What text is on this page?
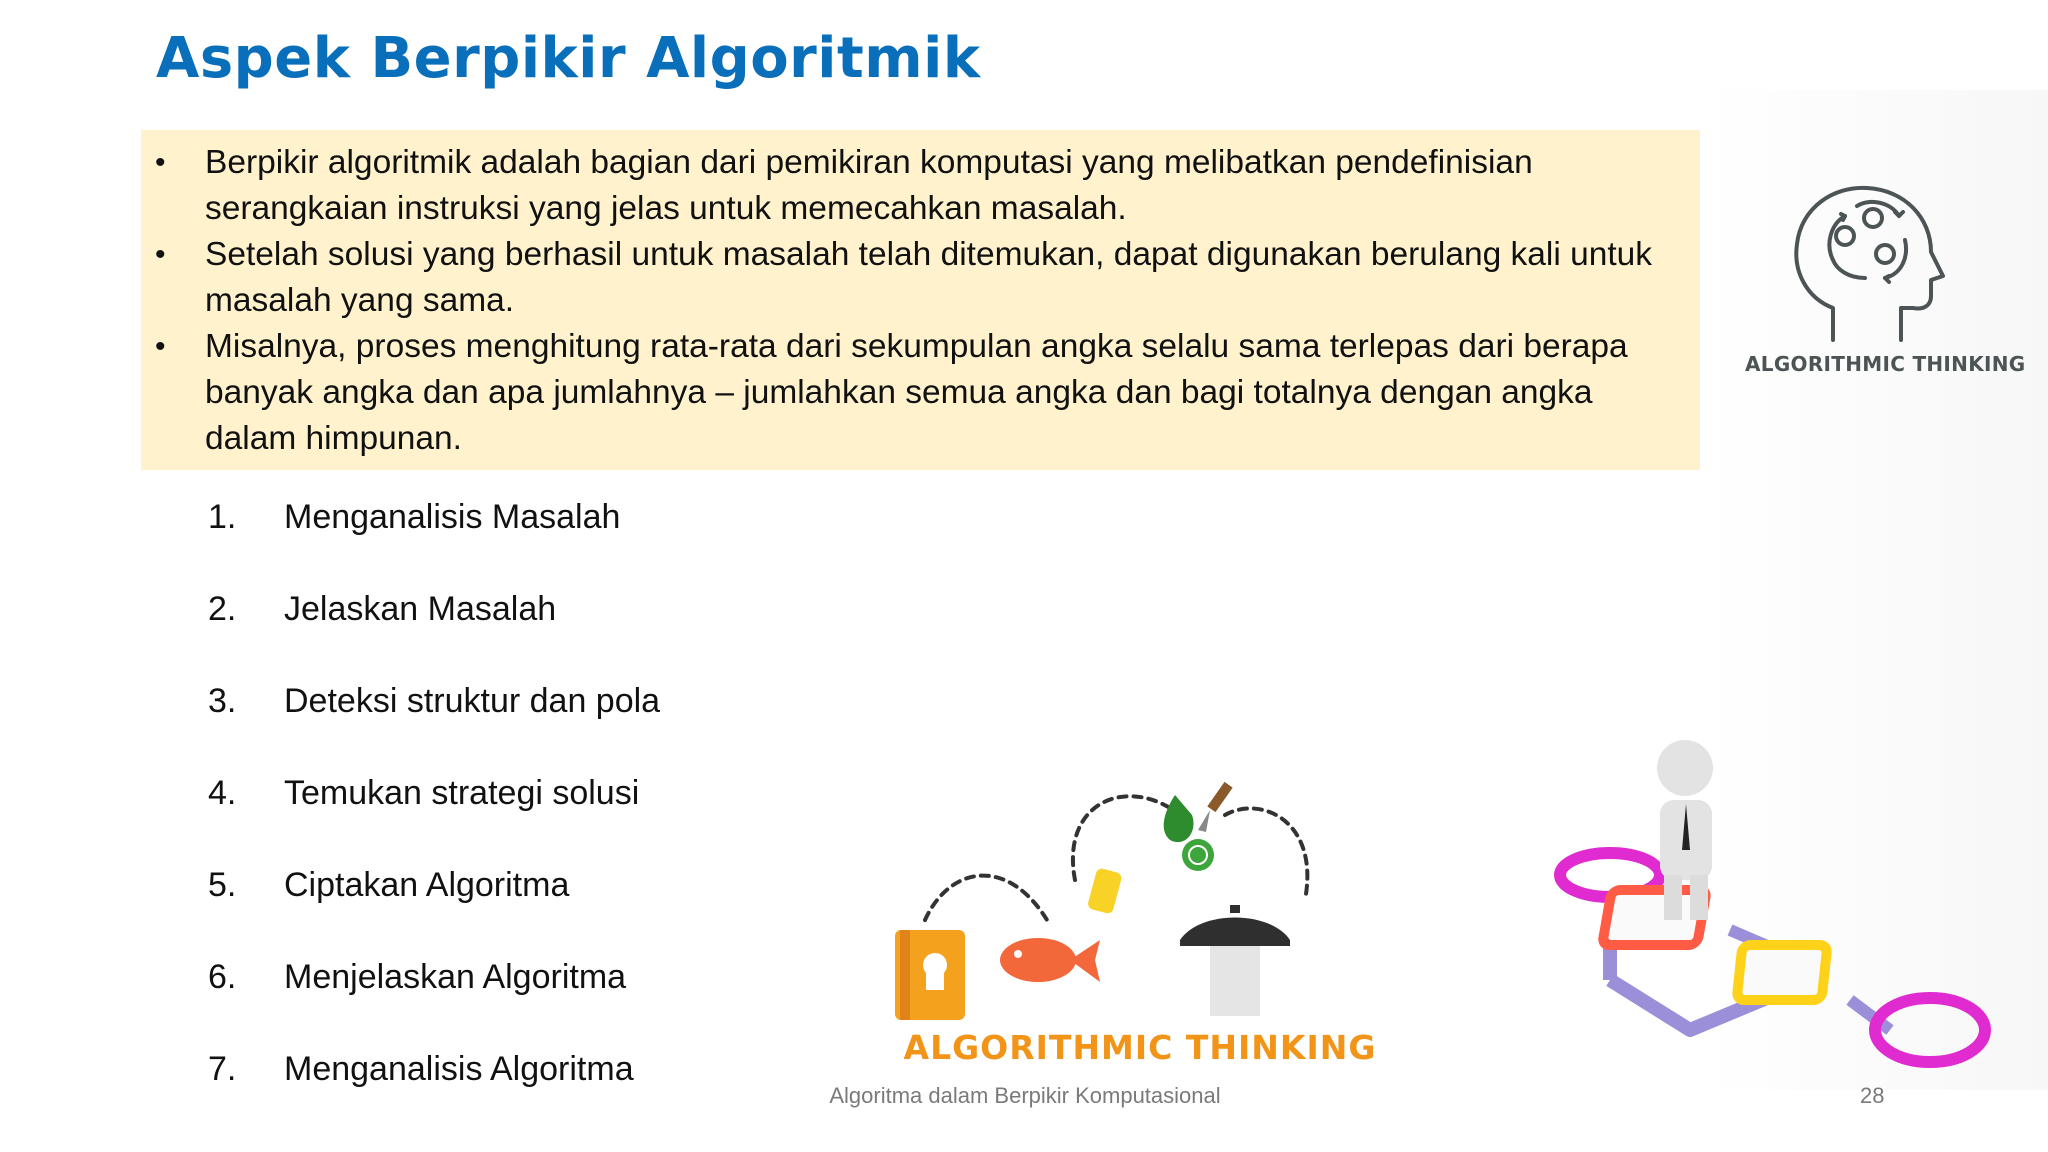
Aspek Berpikir Algoritmik
• Berpikir algoritmik adalah bagian dari pemikiran komputasi yang melibatkan pendefinisian serangkaian instruksi yang jelas untuk memecahkan masalah.
• Setelah solusi yang berhasil untuk masalah telah ditemukan, dapat digunakan berulang kali untuk masalah yang sama.
• Misalnya, proses menghitung rata-rata dari sekumpulan angka selalu sama terlepas dari berapa banyak angka dan apa jumlahnya – jumlahkan semua angka dan bagi totalnya dengan angka dalam himpunan.
1.	Menganalisis Masalah
2.	Jelaskan Masalah
3.	Deteksi struktur dan pola
4.	Temukan strategi solusi
5.	Ciptakan Algoritma
6.	Menjelaskan Algoritma
7.	Menganalisis Algoritma
ALGORITHMIC THINKING
ALGORITHMIC THINKING
Algoritma dalam Berpikir Komputasional	28
